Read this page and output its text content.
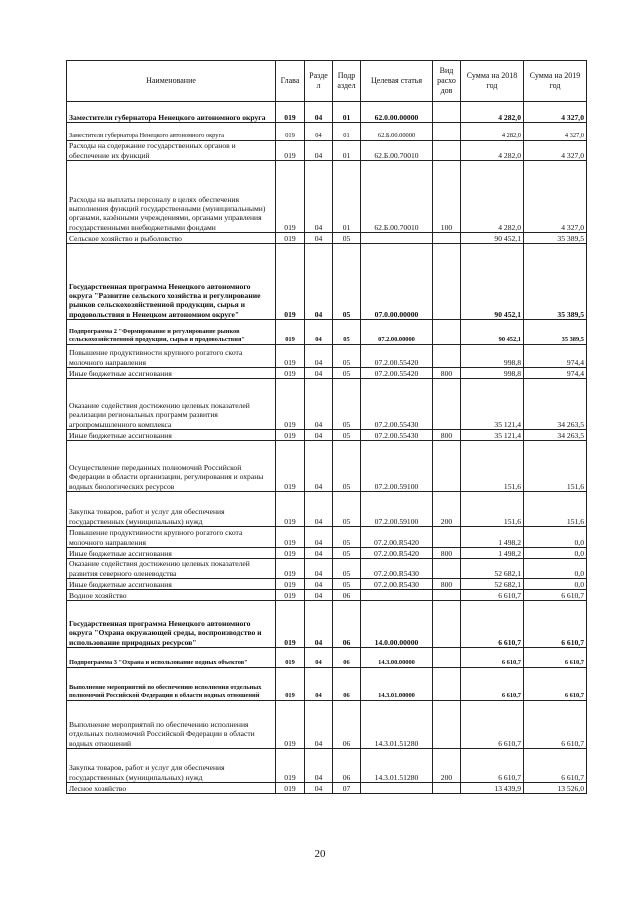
Наименование	Глава	Разде л	Подр аздел	Целевая статья	Вид расхо дов	Сумма на 2018 год	Сумма на 2019 год
Заместители губернатора Ненецкого автономного округа	019	04	01	62.0.00.00000		4 282,0	4 327,0
Заместители губернатора Ненецкого автономного округа	019	04	01	62.Б.00.00000		4 282,0	4 327,0
Расходы на содержание государственных органов и обеспечение их функций	019	04	01	62.Б.00.70010		4 282,0	4 327,0
Расходы на выплаты персоналу в целях обеспечения выполнения функций государственными (муниципальными) органами, казёнными учреждениями, органами управления государственными внебюджетными фондами	019	04	01	62.Б.00.70010	100	4 282,0	4 327,0
Сельское хозяйство и рыболовство	019	04	05			90 452,1	35 389,5
Государственная программа Ненецкого автономного округа "Развитие сельского хозяйства и регулирование рынков сельскохозяйственной продукции, сырья и продовольствия в Ненецком автономном округе"	019	04	05	07.0.00.00000		90 452,1	35 389,5
Подпрограмма 2 "Формирование и регулирование рынков сельскохозяйственной продукции, сырья и продовольствия"	019	04	05	07.2.00.00000		90 452,1	35 389,5
Повышение продуктивности крупного рогатого скота молочного направления	019	04	05	07.2.00.55420		998,8	974,4
Иные бюджетные ассигнования	019	04	05	07.2.00.55420	800	998,8	974,4
Оказание содействия достижению целевых показателей реализации региональных программ развития агропромышленного комплекса	019	04	05	07.2.00.55430		35 121,4	34 263,5
Иные бюджетные ассигнования	019	04	05	07.2.00.55430	800	35 121,4	34 263,5
Осуществление переданных полномочий Российской Федерации в области организации, регулирования и охраны водных биологических ресурсов	019	04	05	07.2.00.59100		151,6	151,6
Закупка товаров, работ и услуг для обеспечения государственных (муниципальных) нужд	019	04	05	07.2.00.59100	200	151,6	151,6
Повышение продуктивности крупного рогатого скота молочного направления	019	04	05	07.2.00.R5420		1 498,2	0,0
Иные бюджетные ассигнования	019	04	05	07.2.00.R5420	800	1 498,2	0,0
Оказание содействия достижению целевых показателей развития северного оленеводства	019	04	05	07.2.00.R5430		52 682,1	0,0
Иные бюджетные ассигнования	019	04	05	07.2.00.R5430	800	52 682,1	0,0
Водное хозяйство	019	04	06			6 610,7	6 610,7
Государственная программа Ненецкого автономного округа "Охрана окружающей среды, воспроизводство и использование природных ресурсов"	019	04	06	14.0.00.00000		6 610,7	6 610,7
Подпрограмма 3 "Охрана и использование водных объектов"	019	04	06	14.3.00.00000		6 610,7	6 610,7
Выполнение мероприятий по обеспечению исполнения отдельных полномочий Российской Федерации в области водных отношений	019	04	06	14.3.01.00000		6 610,7	6 610,7
Выполнение мероприятий по обеспечению исполнения отдельных полномочий Российской Федерации в области водных отношений	019	04	06	14.3.01.51280		6 610,7	6 610,7
Закупка товаров, работ и услуг для обеспечения государственных (муниципальных) нужд	019	04	06	14.3.01.51280	200	6 610,7	6 610,7
Лесное хозяйство	019	04	07			13 439,9	13 526,0
20
